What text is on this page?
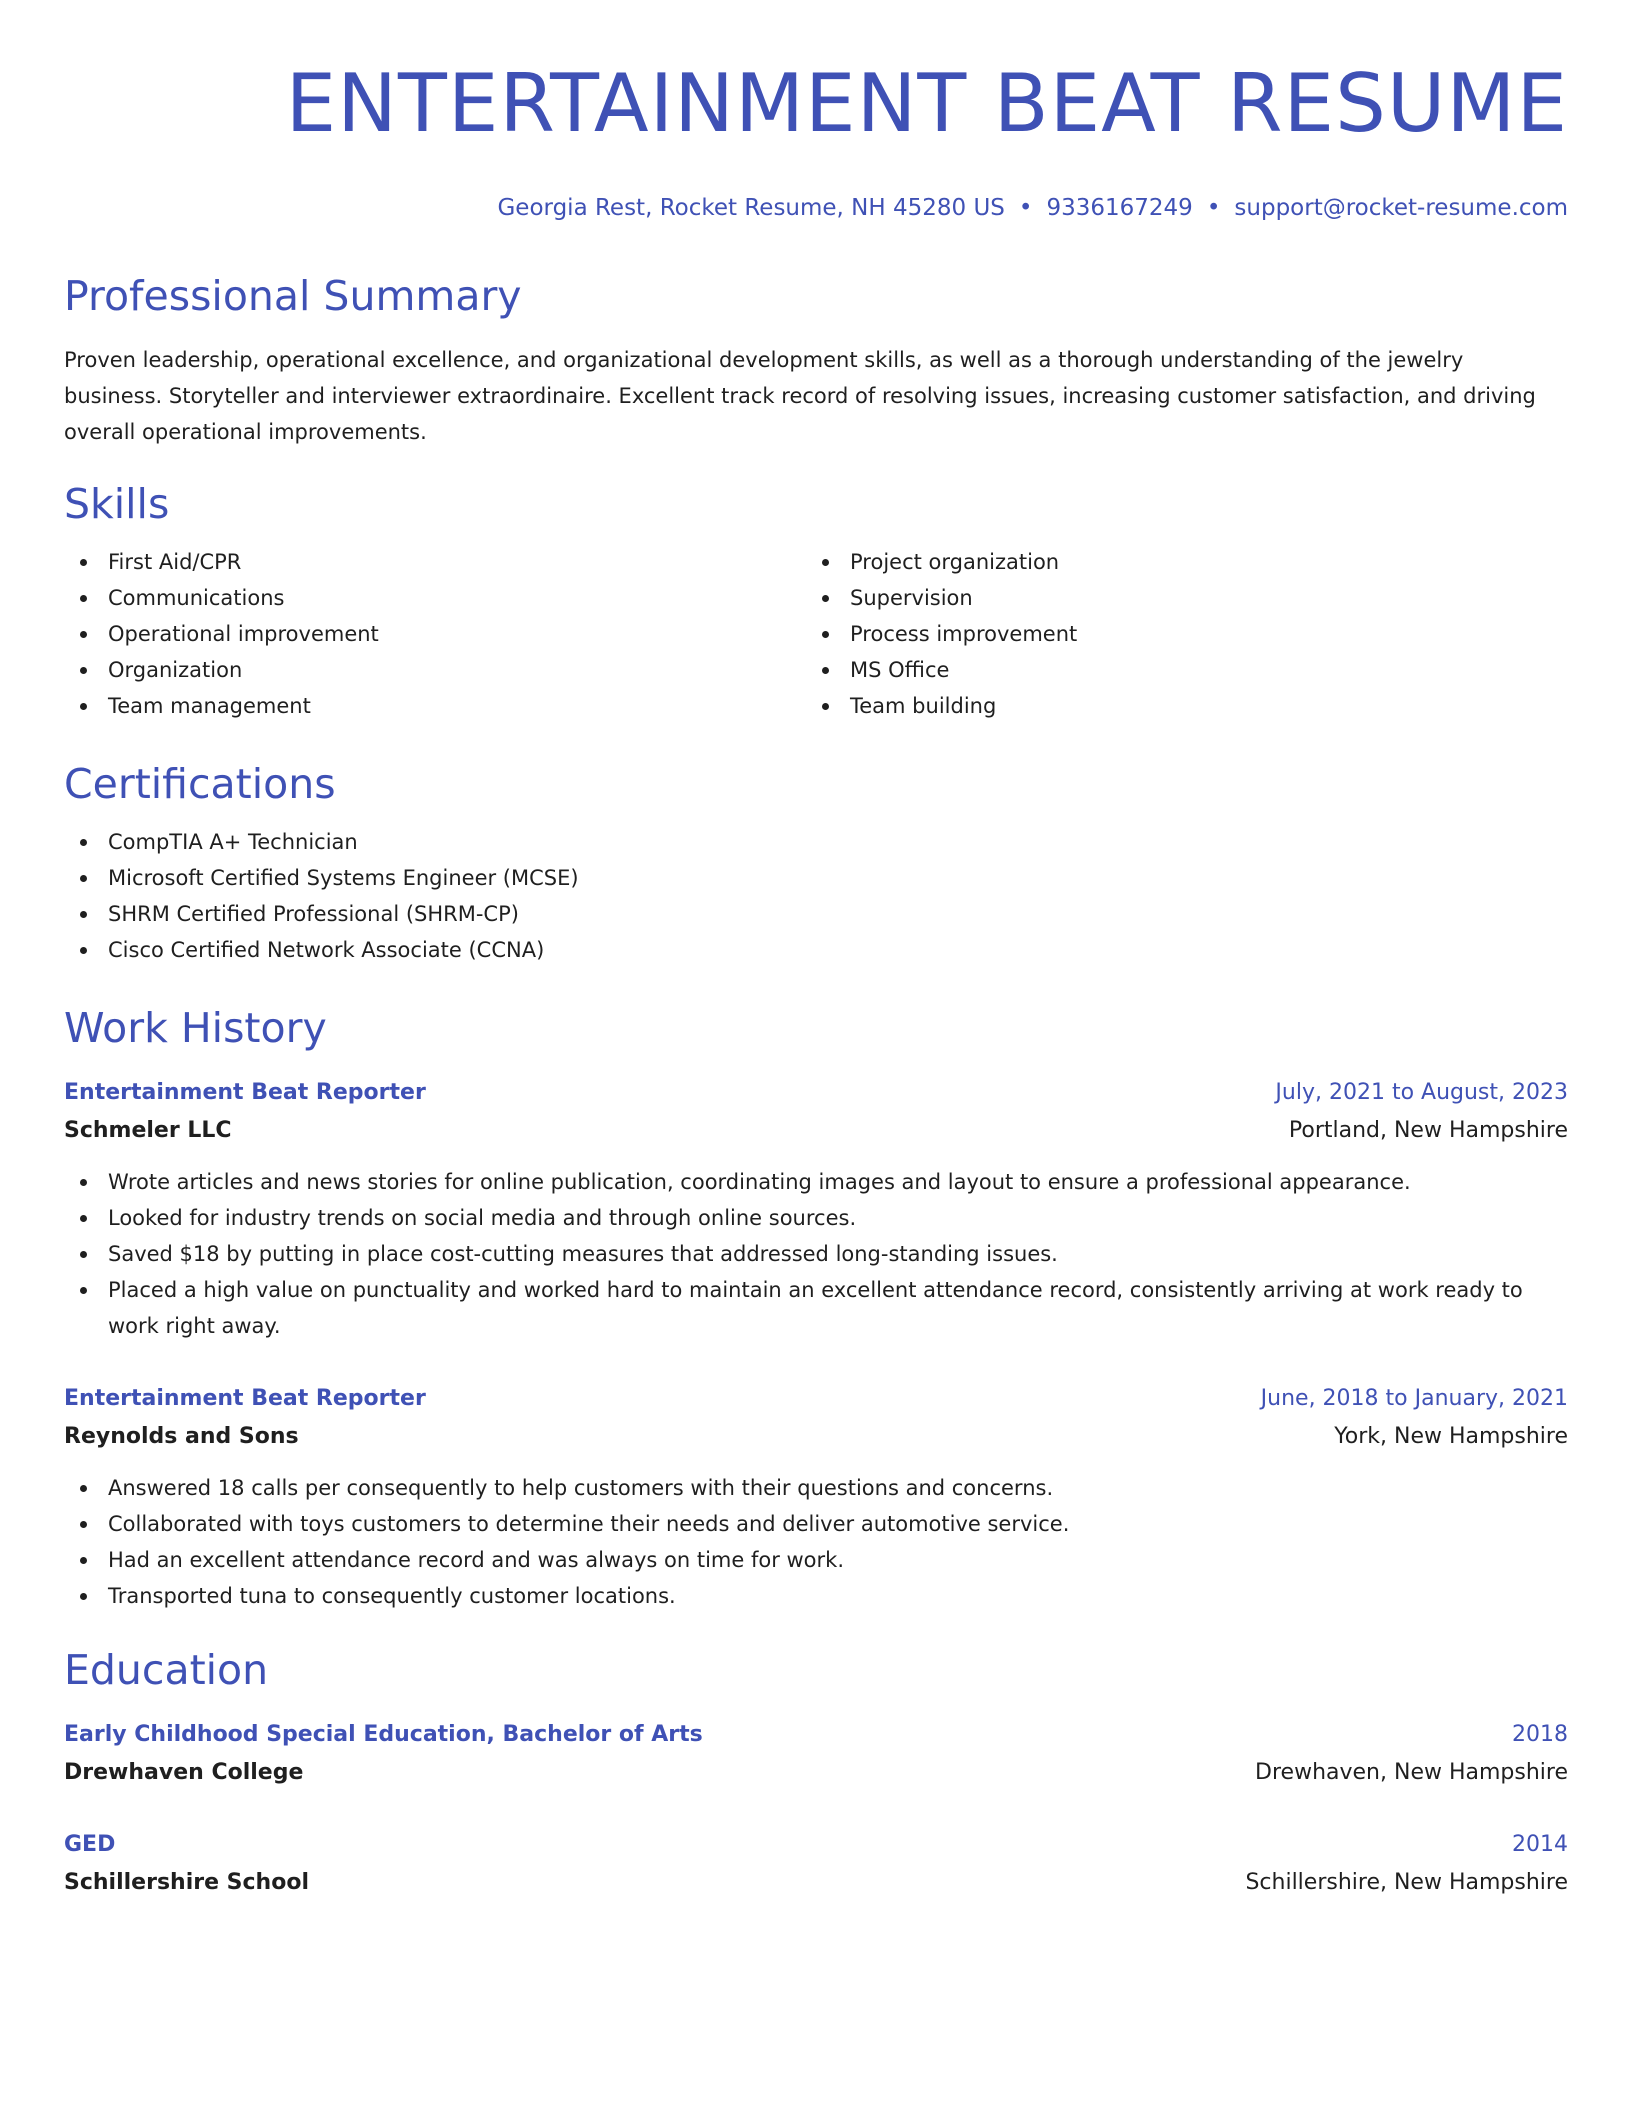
ENTERTAINMENT BEAT RESUME
Georgia Rest, Rocket Resume, NH 45280 US • 9336167249 • support@rocket-resume.com
Professional Summary

Proven leadership, operational excellence, and organizational development skills, as well as a thorough understanding of the jewelry business. Storyteller and interviewer extraordinaire. Excellent track record of resolving issues, increasing customer satisfaction, and driving overall operational improvements.

Skills
First Aid/CPR
Communications
Operational improvement
Organization
Team management
Project organization
Supervision
Process improvement
MS Office
Team building
Certifications
CompTIA A+ Technician
Microsoft Certified Systems Engineer (MCSE)
SHRM Certified Professional (SHRM-CP)
Cisco Certified Network Associate (CCNA)
Work History
Entertainment Beat Reporter	July, 2021 to August, 2023
Schmeler LLC	Portland, New Hampshire
Wrote articles and news stories for online publication, coordinating images and layout to ensure a professional appearance.
Looked for industry trends on social media and through online sources.
Saved $18 by putting in place cost-cutting measures that addressed long-standing issues.
Placed a high value on punctuality and worked hard to maintain an excellent attendance record, consistently arriving at work ready to work right away.
Entertainment Beat Reporter	June, 2018 to January, 2021
Reynolds and Sons	York, New Hampshire
Answered 18 calls per consequently to help customers with their questions and concerns.
Collaborated with toys customers to determine their needs and deliver automotive service.
Had an excellent attendance record and was always on time for work.
Transported tuna to consequently customer locations.
Education
Early Childhood Special Education, Bachelor of Arts	2018
Drewhaven College	Drewhaven, New Hampshire
GED	2014
Schillershire School	Schillershire, New Hampshire
